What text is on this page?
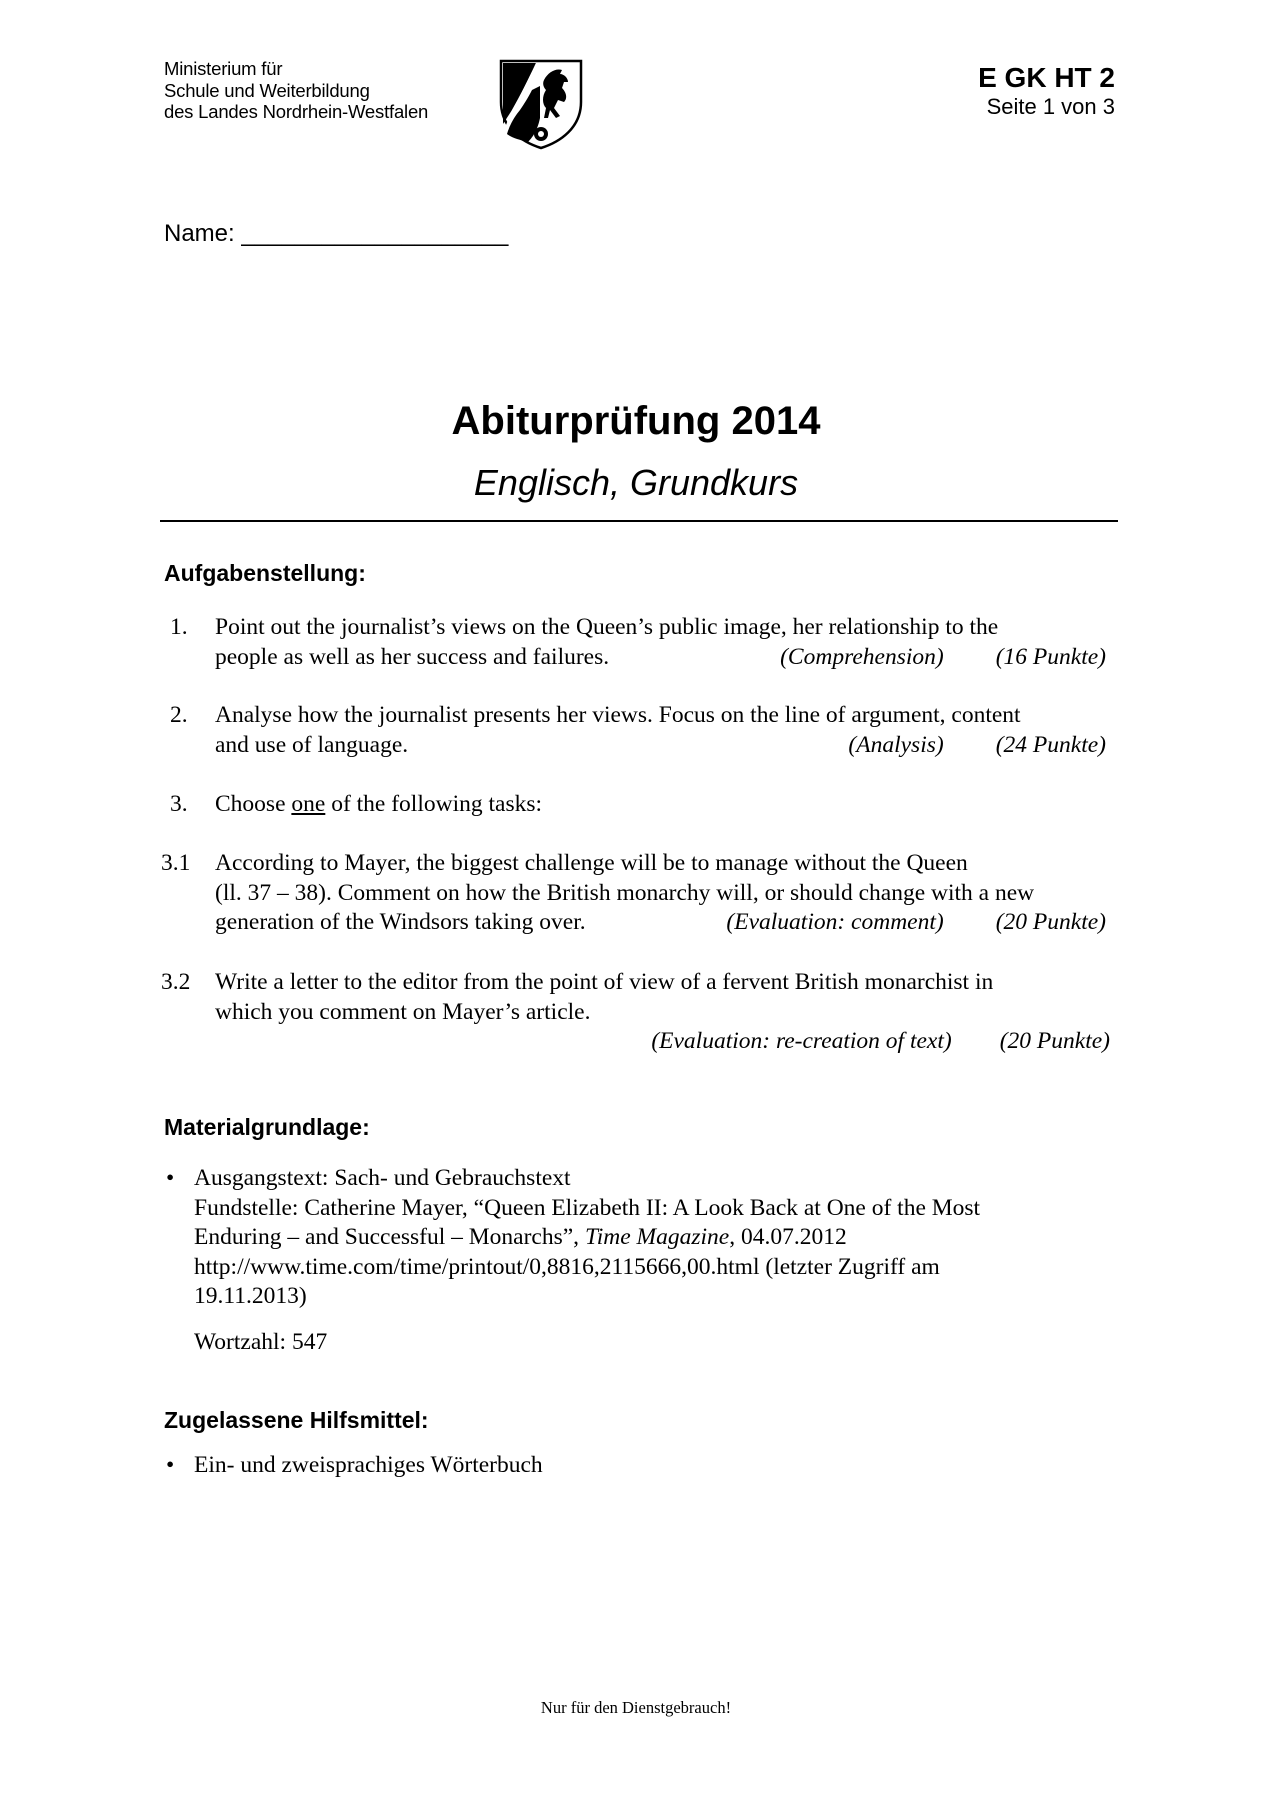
Ministerium für
Schule und Weiterbildung
des Landes Nordrhein-Westfalen
E GK HT 2
Seite 1 von 3
Name: ____________________
Abiturprüfung 2014
Englisch, Grundkurs
Aufgabenstellung:
1. Point out the journalist’s views on the Queen’s public image, her relationship to the
people as well as her success and failures.	(Comprehension) (16 Punkte)
2. Analyse how the journalist presents her views. Focus on the line of argument, content
and use of language.	(Analysis) (24 Punkte)
3. Choose one of the following tasks:
3.1 According to Mayer, the biggest challenge will be to manage without the Queen
(ll. 37 – 38). Comment on how the British monarchy will, or should change with a new
generation of the Windsors taking over.	(Evaluation: comment) (20 Punkte)
3.2 Write a letter to the editor from the point of view of a fervent British monarchist in
which you comment on Mayer’s article.
(Evaluation: re-creation of text) (20 Punkte)
Materialgrundlage:
• Ausgangstext: Sach- und Gebrauchstext
Fundstelle: Catherine Mayer, “Queen Elizabeth II: A Look Back at One of the Most
Enduring – and Successful – Monarchs”, Time Magazine, 04.07.2012
http://www.time.com/time/printout/0,8816,2115666,00.html (letzter Zugriff am
19.11.2013)
Wortzahl: 547
Zugelassene Hilfsmittel:
• Ein- und zweisprachiges Wörterbuch
Nur für den Dienstgebrauch!
